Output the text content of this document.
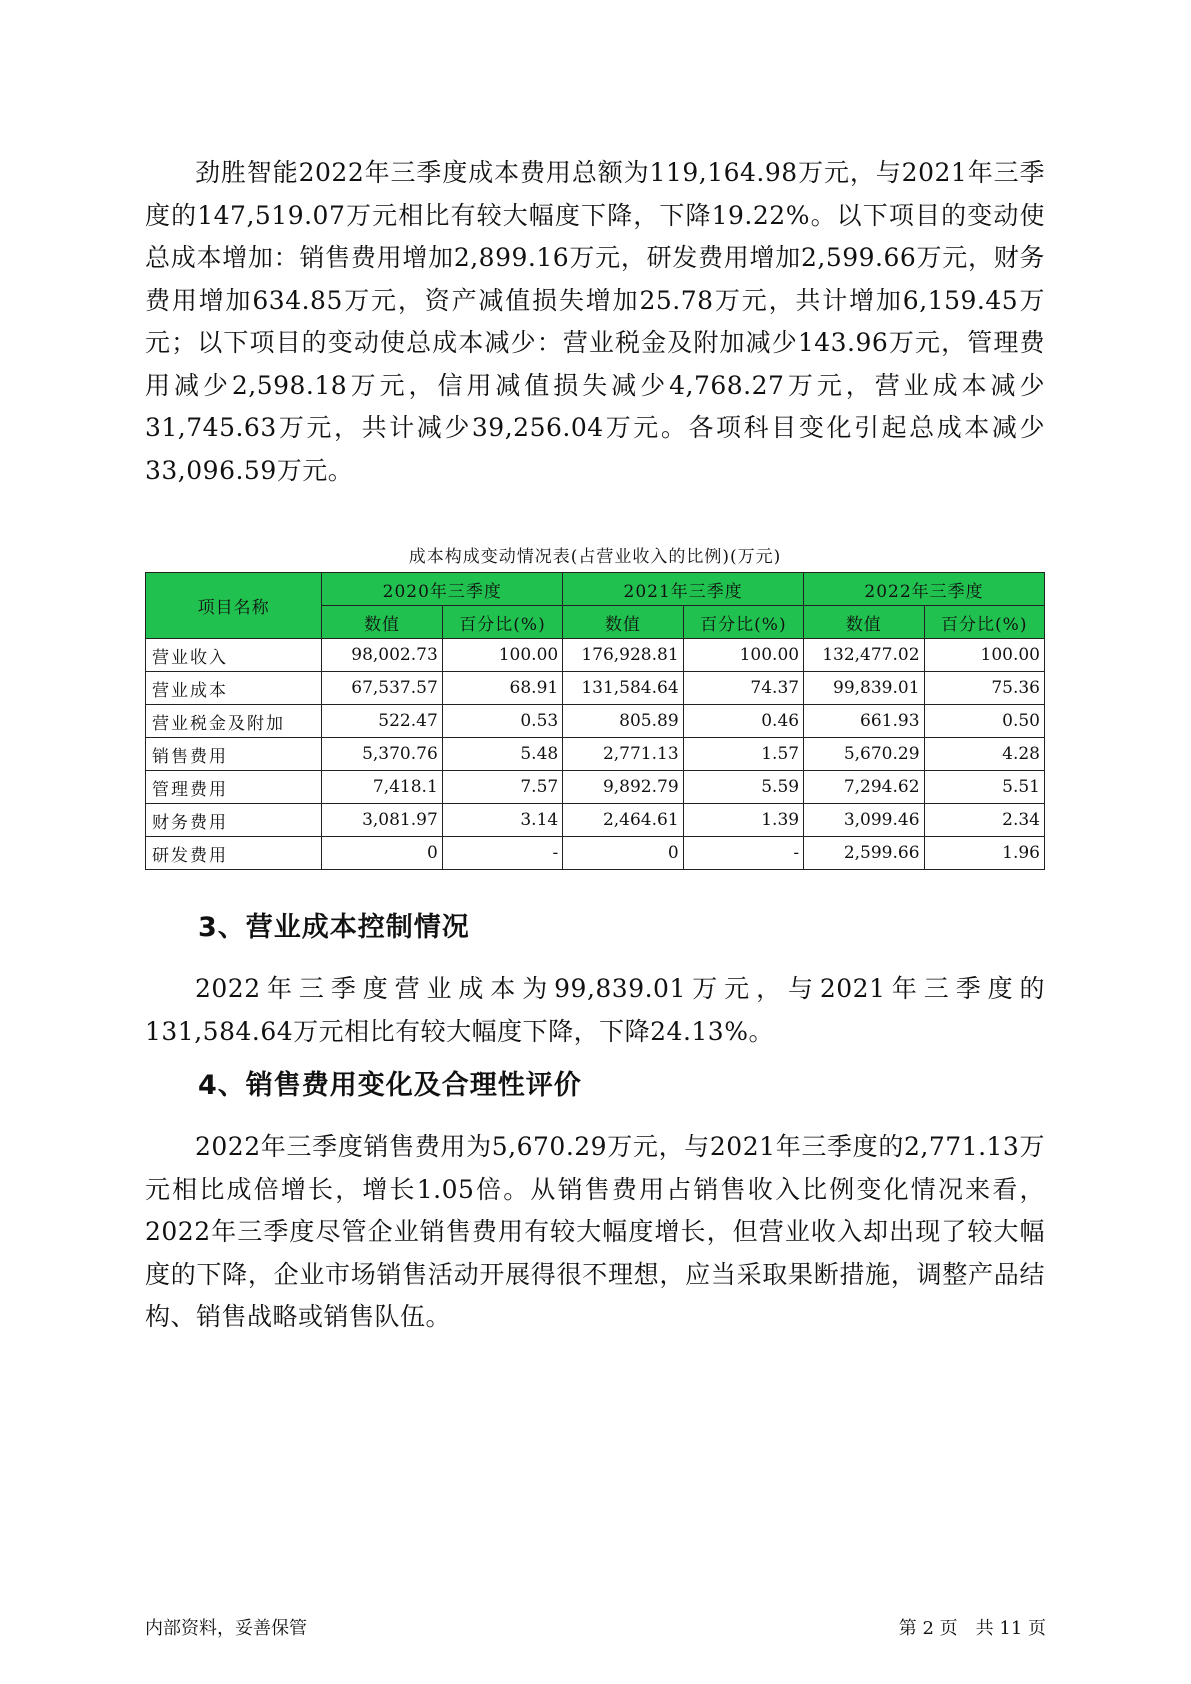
劲胜智能2022年三季度成本费用总额为119,164.98万元，与2021年三季度的147,519.07万元相比有较大幅度下降，下降19.22%。以下项目的变动使总成本增加：销售费用增加2,899.16万元，研发费用增加2,599.66万元，财务费用增加634.85万元，资产减值损失增加25.78万元，共计增加6,159.45万元；以下项目的变动使总成本减少：营业税金及附加减少143.96万元，管理费用减少2,598.18万元，信用减值损失减少4,768.27万元，营业成本减少31,745.63万元，共计减少39,256.04万元。各项科目变化引起总成本减少33,096.59万元。

成本构成变动情况表(占营业收入的比例)(万元)
项目名称	2020年三季度		2021年三季度		2022年三季度	
	数值	百分比(%)	数值	百分比(%)	数值	百分比(%)
营业收入	98,002.73	100.00	176,928.81	100.00	132,477.02	100.00
营业成本	67,537.57	68.91	131,584.64	74.37	99,839.01	75.36
营业税金及附加	522.47	0.53	805.89	0.46	661.93	0.50
销售费用	5,370.76	5.48	2,771.13	1.57	5,670.29	4.28
管理费用	7,418.1	7.57	9,892.79	5.59	7,294.62	5.51
财务费用	3,081.97	3.14	2,464.61	1.39	3,099.46	2.34
研发费用	0	-	0	-	2,599.66	1.96
3、营业成本控制情况

2022年三季度营业成本为99,839.01万元，与2021年三季度的131,584.64万元相比有较大幅度下降，下降24.13%。

4、销售费用变化及合理性评价

2022年三季度销售费用为5,670.29万元，与2021年三季度的2,771.13万元相比成倍增长，增长1.05倍。从销售费用占销售收入比例变化情况来看，2022年三季度尽管企业销售费用有较大幅度增长，但营业收入却出现了较大幅度的下降，企业市场销售活动开展得很不理想，应当采取果断措施，调整产品结构、销售战略或销售队伍。

内部资料，妥善保管	第 2 页　共 11 页
